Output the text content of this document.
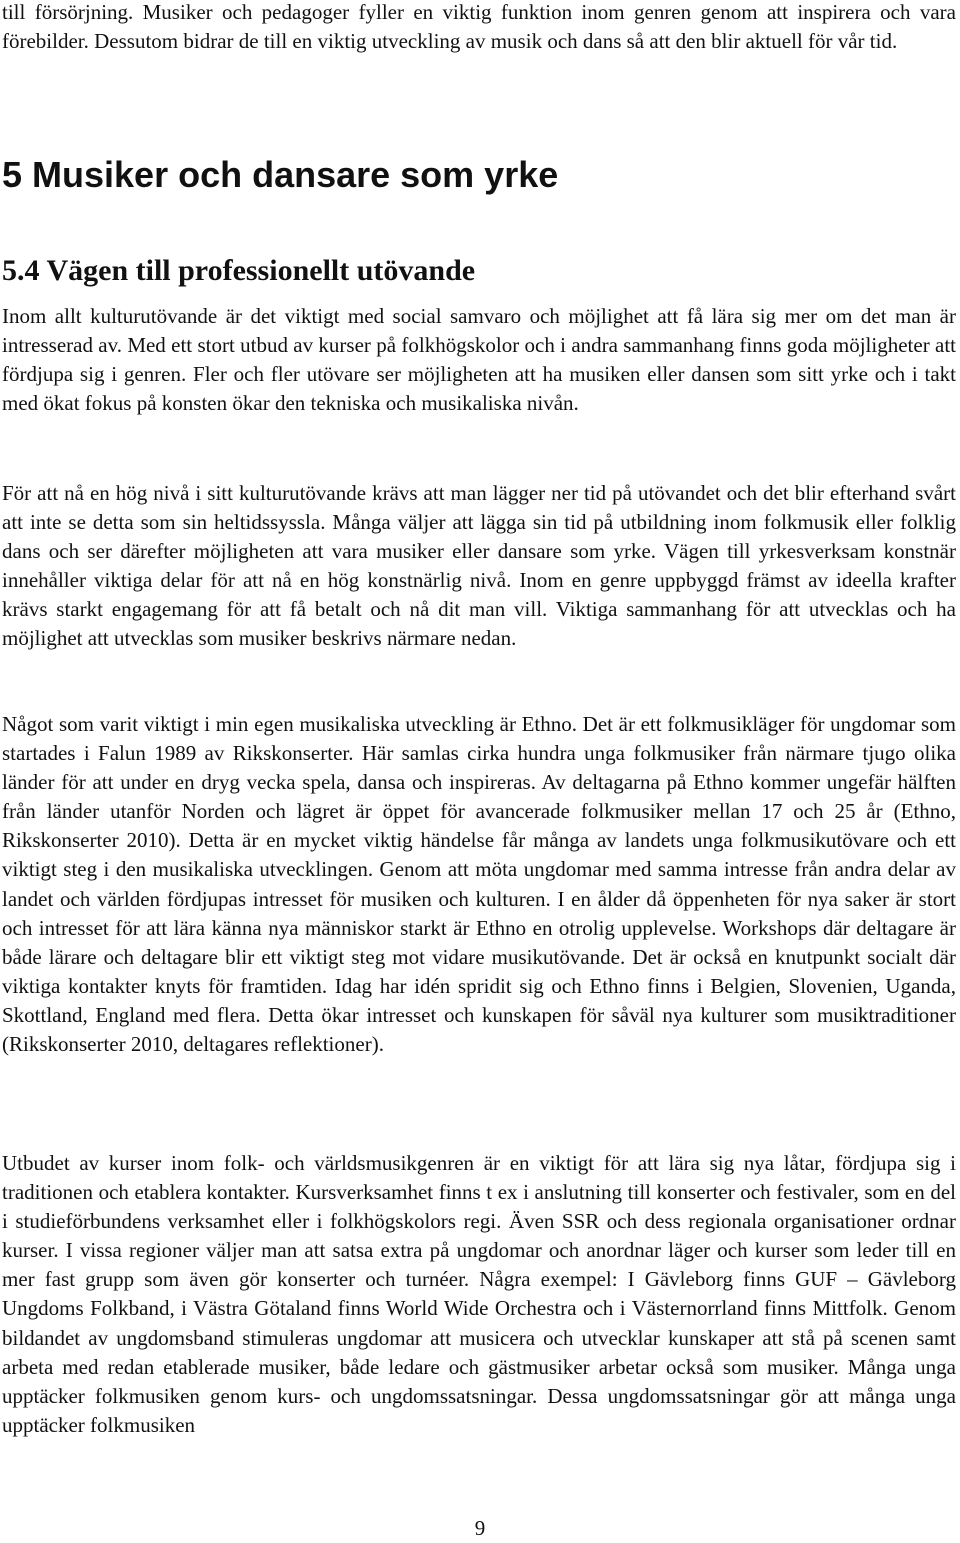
till försörjning. Musiker och pedagoger fyller en viktig funktion inom genren genom att inspirera och vara förebilder. Dessutom bidrar de till en viktig utveckling av musik och dans så att den blir aktuell för vår tid.

5 Musiker och dansare som yrke
5.4 Vägen till professionellt utövande

Inom allt kulturutövande är det viktigt med social samvaro och möjlighet att få lära sig mer om det man är intresserad av. Med ett stort utbud av kurser på folkhögskolor och i andra sammanhang finns goda möjligheter att fördjupa sig i genren. Fler och fler utövare ser möjligheten att ha musiken eller dansen som sitt yrke och i takt med ökat fokus på konsten ökar den tekniska och musikaliska nivån.

För att nå en hög nivå i sitt kulturutövande krävs att man lägger ner tid på utövandet och det blir efterhand svårt att inte se detta som sin heltidssyssla. Många väljer att lägga sin tid på utbildning inom folkmusik eller folklig dans och ser därefter möjligheten att vara musiker eller dansare som yrke. Vägen till yrkesverksam konstnär innehåller viktiga delar för att nå en hög konstnärlig nivå. Inom en genre uppbyggd främst av ideella krafter krävs starkt engagemang för att få betalt och nå dit man vill. Viktiga sammanhang för att utvecklas och ha möjlighet att utvecklas som musiker beskrivs närmare nedan.

Något som varit viktigt i min egen musikaliska utveckling är Ethno. Det är ett folkmusikläger för ungdomar som startades i Falun 1989 av Rikskonserter. Här samlas cirka hundra unga folkmusiker från närmare tjugo olika länder för att under en dryg vecka spela, dansa och inspireras. Av deltagarna på Ethno kommer ungefär hälften från länder utanför Norden och lägret är öppet för avancerade folkmusiker mellan 17 och 25 år (Ethno, Rikskonserter 2010). Detta är en mycket viktig händelse får många av landets unga folkmusikutövare och ett viktigt steg i den musikaliska utvecklingen. Genom att möta ungdomar med samma intresse från andra delar av landet och världen fördjupas intresset för musiken och kulturen. I en ålder då öppenheten för nya saker är stort och intresset för att lära känna nya människor starkt är Ethno en otrolig upplevelse. Workshops där deltagare är både lärare och deltagare blir ett viktigt steg mot vidare musikutövande. Det är också en knutpunkt socialt där viktiga kontakter knyts för framtiden. Idag har idén spridit sig och Ethno finns i Belgien, Slovenien, Uganda, Skottland, England med flera. Detta ökar intresset och kunskapen för såväl nya kulturer som musiktraditioner (Rikskonserter 2010, deltagares reflektioner).

Utbudet av kurser inom folk- och världsmusikgenren är en viktigt för att lära sig nya låtar, fördjupa sig i traditionen och etablera kontakter. Kursverksamhet finns t ex i anslutning till konserter och festivaler, som en del i studieförbundens verksamhet eller i folkhögskolors regi. Även SSR och dess regionala organisationer ordnar kurser. I vissa regioner väljer man att satsa extra på ungdomar och anordnar läger och kurser som leder till en mer fast grupp som även gör konserter och turnéer. Några exempel: I Gävleborg finns GUF – Gävleborg Ungdoms Folkband, i Västra Götaland finns World Wide Orchestra och i Västernorrland finns Mittfolk. Genom bildandet av ungdomsband stimuleras ungdomar att musicera och utvecklar kunskaper att stå på scenen samt arbeta med redan etablerade musiker, både ledare och gästmusiker arbetar också som musiker. Många unga upptäcker folkmusiken genom kurs- och ungdomssatsningar. Dessa ungdomssatsningar gör att många unga upptäcker folkmusiken

9
